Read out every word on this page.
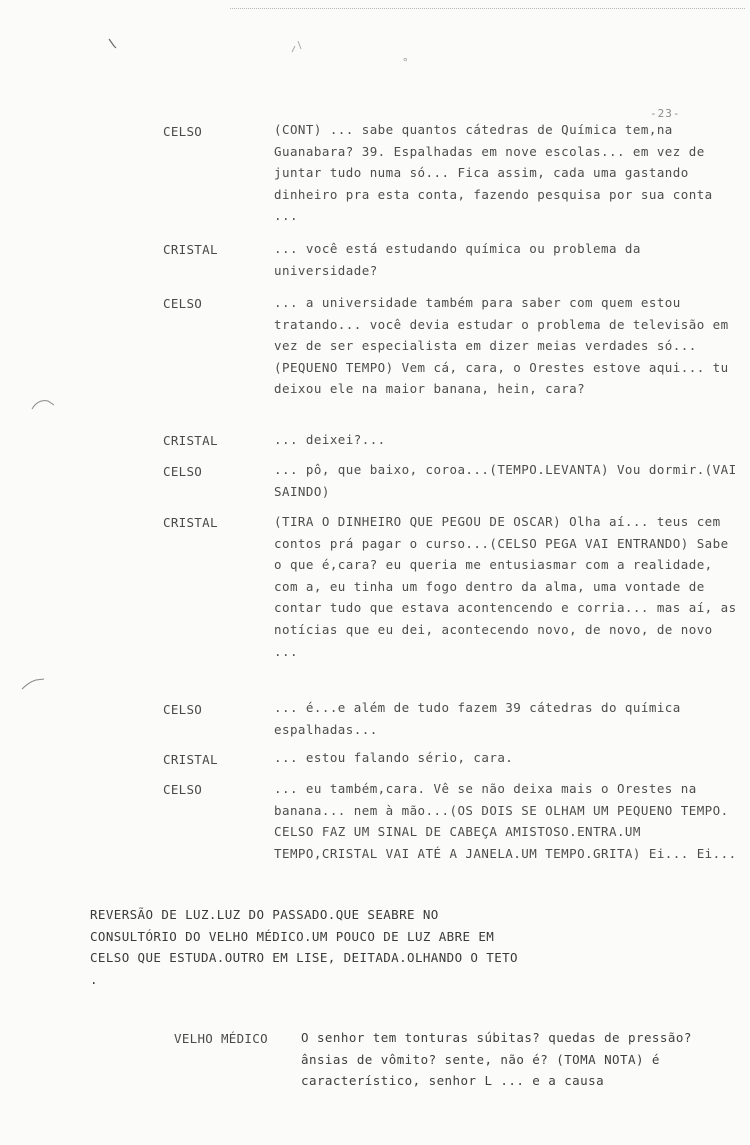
°
-23-
CELSO	(CONT) ... sabe quantos cátedras de Química tem,na Guanabara? 39. Espalhadas em nove escolas... em vez de juntar tudo numa só... Fica assim, cada uma gastando dinheiro pra esta conta, fazendo pesquisa por sua conta ...
CRISTAL	... você está estudando química ou problema da universidade?
CELSO	... a universidade também para saber com quem estou tratando... você devia estudar o problema de televisão em vez de ser especialista em dizer meias verdades só...(PEQUENO TEMPO) Vem cá, cara, o Orestes estove aqui... tu deixou ele na maior banana, hein, cara?
CRISTAL	... deixei?...
CELSO	... pô, que baixo, coroa...(TEMPO.LEVANTA) Vou dormir.(VAI SAINDO)
CRISTAL	(TIRA O DINHEIRO QUE PEGOU DE OSCAR) Olha aí... teus cem contos prá pagar o curso...(CELSO PEGA VAI ENTRANDO) Sabe o que é,cara? eu queria me entusiasmar com a realidade, com a, eu tinha um fogo dentro da alma, uma vontade de contar tudo que estava acontencendo e corria... mas aí, as notícias que eu dei, acontecendo novo, de novo, de novo ...
CELSO	... é...e além de tudo fazem 39 cátedras do química espalhadas...
CRISTAL	... estou falando sério, cara.
CELSO	... eu também,cara. Vê se não deixa mais o Orestes na banana... nem à mão...(OS DOIS SE OLHAM UM PEQUENO TEMPO. CELSO FAZ UM SINAL DE CABEÇA AMISTOSO.ENTRA.UM TEMPO,CRISTAL VAI ATÉ A JANELA.UM TEMPO.GRITA) Ei... Ei...
REVERSÃO DE LUZ.LUZ DO PASSADO.QUE SEABRE NO CONSULTÓRIO DO VELHO MÉDICO.UM POUCO DE LUZ ABRE EM CELSO QUE ESTUDA.OUTRO EM LISE, DEITADA.OLHANDO O TETO .
VELHO MÉDICO	O senhor tem tonturas súbitas? quedas de pressão? ânsias de vômito? sente, não é? (TOMA NOTA) é característico, senhor L ... e a causa
